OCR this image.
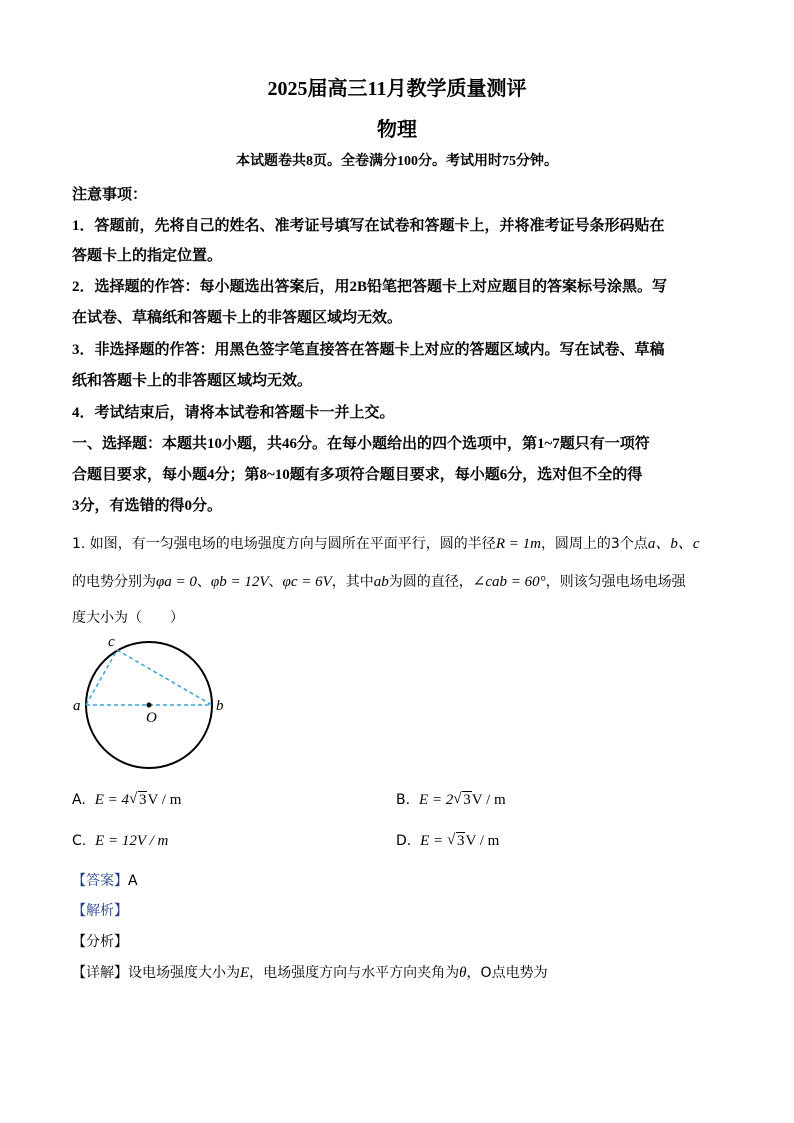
2025届高三11月教学质量测评
物理
本试题卷共8页。全卷满分100分。考试用时75分钟。
注意事项：
1．答题前，先将自己的姓名、准考证号填写在试卷和答题卡上，并将准考证号条形码贴在
答题卡上的指定位置。
2．选择题的作答：每小题选出答案后，用2B铅笔把答题卡上对应题目的答案标号涂黑。写
在试卷、草稿纸和答题卡上的非答题区域均无效。
3．非选择题的作答：用黑色签字笔直接答在答题卡上对应的答题区域内。写在试卷、草稿
纸和答题卡上的非答题区域均无效。
4．考试结束后，请将本试卷和答题卡一并上交。
一、选择题：本题共10小题，共46分。在每小题给出的四个选项中，第1~7题只有一项符
合题目要求，每小题4分；第8~10题有多项符合题目要求，每小题6分，选对但不全的得
3分，有选错的得0分。
1. 如图，有一匀强电场的电场强度方向与圆所在平面平行，圆的半径R = 1m，圆周上的3个点a、b、c
的电势分别为φa = 0、φb = 12V、φc = 6V，其中ab为圆的直径，∠cab = 60°，则该匀强电场电场强
度大小为（　　）
a	b
c
O
A. E = 4 √ 3V / m	B. E = 2 √ 3V / m
C. E = 12V / m	D. E = √ 3V / m
【答案】A
【解析】
【分析】
【详解】设电场强度大小为E，电场强度方向与水平方向夹角为θ，O点电势为
